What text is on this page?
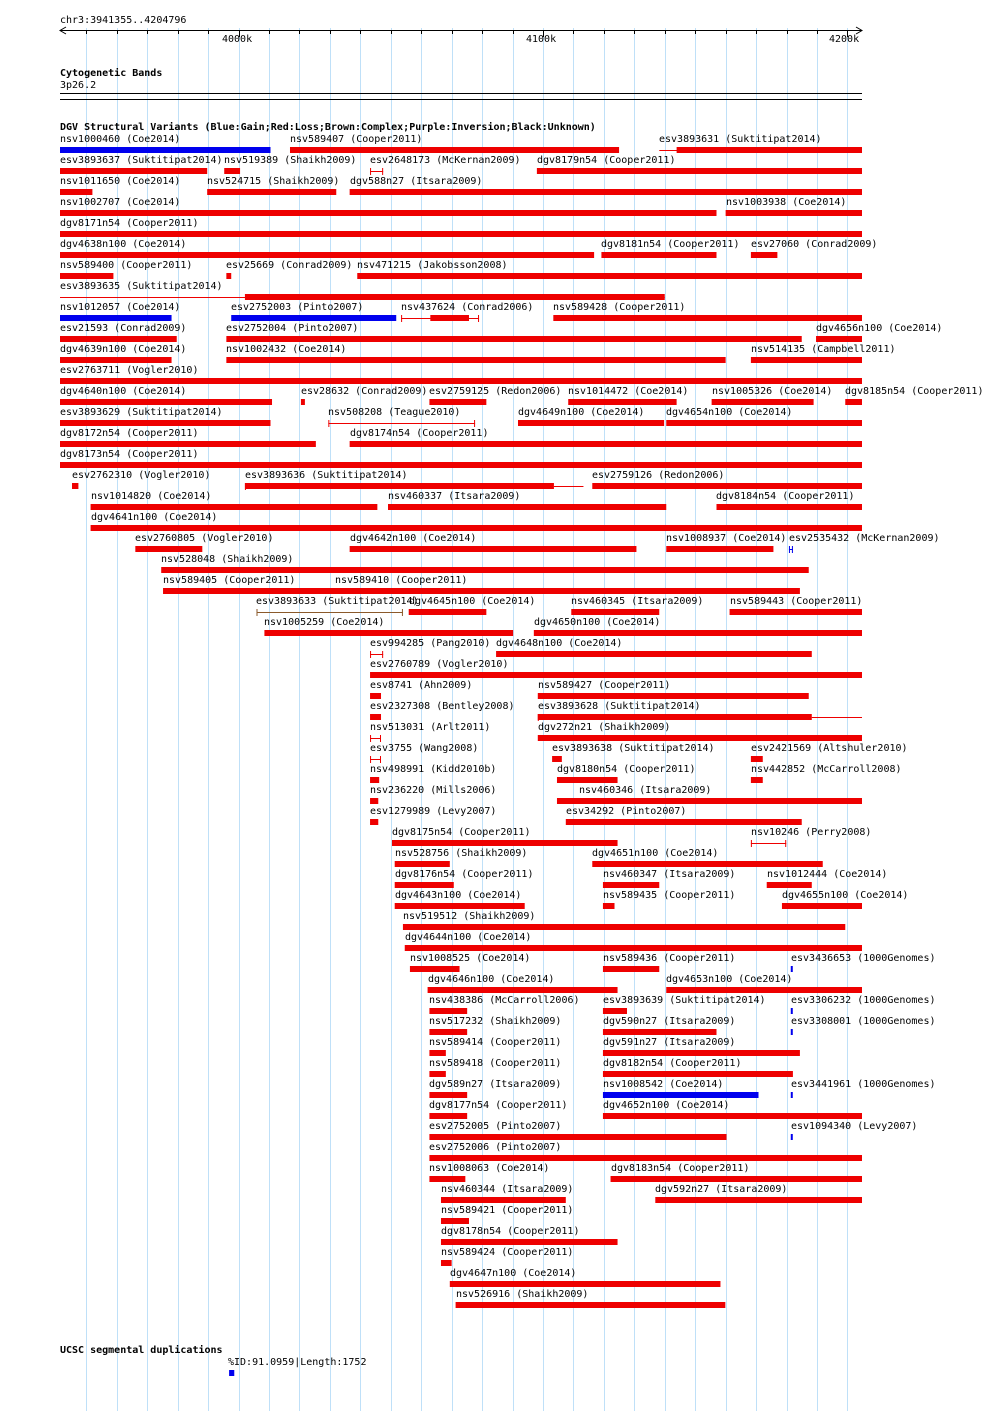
chr3:3941355..4204796
4000k	4100k	4200k
Cytogenetic Bands
3p26.2
DGV Structural Variants (Blue:Gain;Red:Loss;Brown:Complex;Purple:Inversion;Black:Unknown)
UCSC segmental duplications
%ID:91.0959|Length:1752
nsv1000460 (Coe2014)	nsv589407 (Cooper2011)	esv3893631 (Suktitipat2014)
esv3893637 (Suktitipat2014) nsv519389 (Shaikh2009) esv2648173 (McKernan2009) dgv8179n54 (Cooper2011)
nsv1011650 (Coe2014)	nsv524715 (Shaikh2009) dgv588n27 (Itsara2009)
nsv1002707 (Coe2014)	nsv1003938 (Coe2014)
dgv8171n54 (Cooper2011)
dgv4638n100 (Coe2014)	dgv8181n54 (Cooper2011) esv27060 (Conrad2009)
nsv589400 (Cooper2011)	esv25669 (Conrad2009) nsv471215 (Jakobsson2008)
esv3893635 (Suktitipat2014)
nsv1012057 (Coe2014)	esv2752003 (Pinto2007)	nsv437624 (Conrad2006) nsv589428 (Cooper2011)
esv21593 (Conrad2009)	esv2752004 (Pinto2007)	dgv4656n100 (Coe2014)
dgv4639n100 (Coe2014)	nsv1002432 (Coe2014)	nsv514135 (Campbell2011)
esv2763711 (Vogler2010)
dgv4640n100 (Coe2014)	esv28632 (Conrad2009) esv2759125 (Redon2006) nsv1014472 (Coe2014) nsv1005326 (Coe2014) dgv8185n54 (Cooper2011)
esv3893629 (Suktitipat2014)	nsv508208 (Teague2010)	dgv4649n100 (Coe2014) dgv4654n100 (Coe2014)
dgv8172n54 (Cooper2011)	dgv8174n54 (Cooper2011)
dgv8173n54 (Cooper2011)
esv2762310 (Vogler2010)	esv3893636 (Suktitipat2014)	esv2759126 (Redon2006)
nsv1014820 (Coe2014)	nsv460337 (Itsara2009)	dgv8184n54 (Cooper2011)
dgv4641n100 (Coe2014)
esv2760805 (Vogler2010)	dgv4642n100 (Coe2014)	nsv1008937 (Coe2014) esv2535432 (McKernan2009)
nsv528048 (Shaikh2009)
nsv589405 (Cooper2011)	nsv589410 (Cooper2011)
esv3893633 (Suktitipat2014)
dgv4645n100 (Coe2014)	nsv460345 (Itsara2009)	nsv589443 (Cooper2011)
nsv1005259 (Coe2014)	dgv4650n100 (Coe2014)
esv994285 (Pang2010) dgv4648n100 (Coe2014)
esv2760789 (Vogler2010)
esv8741 (Ahn2009)	nsv589427 (Cooper2011)
esv2327308 (Bentley2008) esv3893628 (Suktitipat2014)
nsv513031 (Arlt2011)	dgv272n21 (Shaikh2009)
esv3755 (Wang2008)	esv3893638 (Suktitipat2014)	esv2421569 (Altshuler2010)
nsv498991 (Kidd2010b)	dgv8180n54 (Cooper2011)	nsv442852 (McCarroll2008)
nsv236220 (Mills2006)	nsv460346 (Itsara2009)
esv1279989 (Levy2007)	esv34292 (Pinto2007)
dgv8175n54 (Cooper2011)	nsv10246 (Perry2008)
nsv528756 (Shaikh2009)	dgv4651n100 (Coe2014)
dgv8176n54 (Cooper2011)	nsv460347 (Itsara2009)	nsv1012444 (Coe2014)
dgv4643n100 (Coe2014)	nsv589435 (Cooper2011)	dgv4655n100 (Coe2014)
nsv519512 (Shaikh2009)
dgv4644n100 (Coe2014)
nsv1008525 (Coe2014)	nsv589436 (Cooper2011)	esv3436653 (1000Genomes)
dgv4646n100 (Coe2014)	dgv4653n100 (Coe2014)
nsv438386 (McCarroll2006) esv3893639 (Suktitipat2014)	esv3306232 (1000Genomes)
nsv517232 (Shaikh2009)	dgv590n27 (Itsara2009)	esv3308001 (1000Genomes)
nsv589414 (Cooper2011)	dgv591n27 (Itsara2009)
nsv589418 (Cooper2011)	dgv8182n54 (Cooper2011)
dgv589n27 (Itsara2009)	nsv1008542 (Coe2014)	esv3441961 (1000Genomes)
dgv8177n54 (Cooper2011)	dgv4652n100 (Coe2014)
esv2752005 (Pinto2007)	esv1094340 (Levy2007)
esv2752006 (Pinto2007)
nsv1008063 (Coe2014)	dgv8183n54 (Cooper2011)
nsv460344 (Itsara2009)	dgv592n27 (Itsara2009)
nsv589421 (Cooper2011)
dgv8178n54 (Cooper2011)
nsv589424 (Cooper2011)
dgv4647n100 (Coe2014)
nsv526916 (Shaikh2009)
